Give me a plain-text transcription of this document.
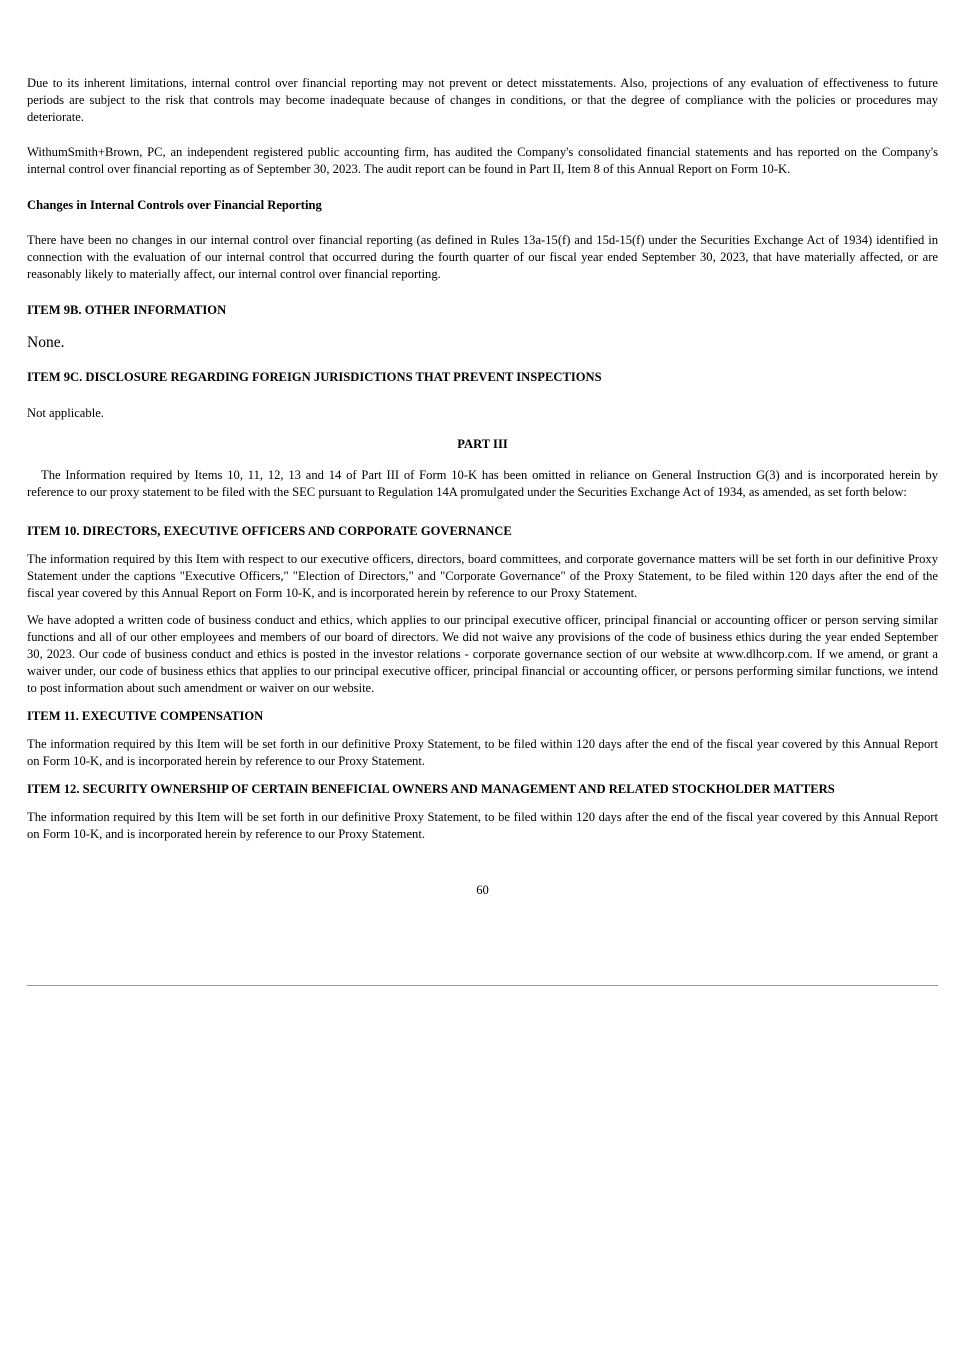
Due to its inherent limitations, internal control over financial reporting may not prevent or detect misstatements. Also, projections of any evaluation of effectiveness to future periods are subject to the risk that controls may become inadequate because of changes in conditions, or that the degree of compliance with the policies or procedures may deteriorate.

WithumSmith+Brown, PC, an independent registered public accounting firm, has audited the Company's consolidated financial statements and has reported on the Company's internal control over financial reporting as of September 30, 2023. The audit report can be found in Part II, Item 8 of this Annual Report on Form 10-K.

Changes in Internal Controls over Financial Reporting

There have been no changes in our internal control over financial reporting (as defined in Rules 13a-15(f) and 15d-15(f) under the Securities Exchange Act of 1934) identified in connection with the evaluation of our internal control that occurred during the fourth quarter of our fiscal year ended September 30, 2023, that have materially affected, or are reasonably likely to materially affect, our internal control over financial reporting.

ITEM 9B. OTHER INFORMATION

None.

ITEM 9C. DISCLOSURE REGARDING FOREIGN JURISDICTIONS THAT PREVENT INSPECTIONS

Not applicable.

PART III

The Information required by Items 10, 11, 12, 13 and 14 of Part III of Form 10-K has been omitted in reliance on General Instruction G(3) and is incorporated herein by reference to our proxy statement to be filed with the SEC pursuant to Regulation 14A promulgated under the Securities Exchange Act of 1934, as amended, as set forth below:

ITEM 10. DIRECTORS, EXECUTIVE OFFICERS AND CORPORATE GOVERNANCE

The information required by this Item with respect to our executive officers, directors, board committees, and corporate governance matters will be set forth in our definitive Proxy Statement under the captions "Executive Officers," "Election of Directors," and "Corporate Governance" of the Proxy Statement, to be filed within 120 days after the end of the fiscal year covered by this Annual Report on Form 10-K, and is incorporated herein by reference to our Proxy Statement.

We have adopted a written code of business conduct and ethics, which applies to our principal executive officer, principal financial or accounting officer or person serving similar functions and all of our other employees and members of our board of directors. We did not waive any provisions of the code of business ethics during the year ended September 30, 2023. Our code of business conduct and ethics is posted in the investor relations - corporate governance section of our website at www.dlhcorp.com. If we amend, or grant a waiver under, our code of business ethics that applies to our principal executive officer, principal financial or accounting officer, or persons performing similar functions, we intend to post information about such amendment or waiver on our website.

ITEM 11. EXECUTIVE COMPENSATION

The information required by this Item will be set forth in our definitive Proxy Statement, to be filed within 120 days after the end of the fiscal year covered by this Annual Report on Form 10-K, and is incorporated herein by reference to our Proxy Statement.

ITEM 12. SECURITY OWNERSHIP OF CERTAIN BENEFICIAL OWNERS AND MANAGEMENT AND RELATED STOCKHOLDER MATTERS

The information required by this Item will be set forth in our definitive Proxy Statement, to be filed within 120 days after the end of the fiscal year covered by this Annual Report on Form 10-K, and is incorporated herein by reference to our Proxy Statement.

60
